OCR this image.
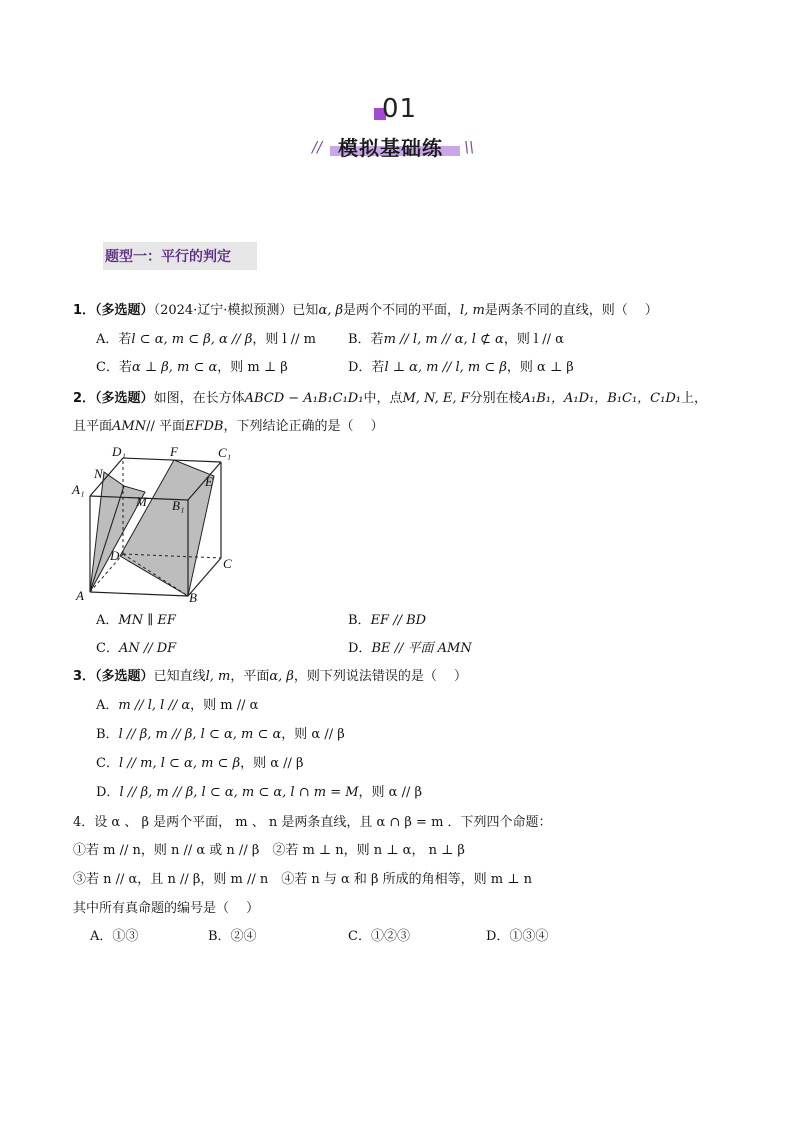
01
// 模拟基础练 \\
题型一：平行的判定
1．（多选题）（2024·辽宁·模拟预测）已知α, β是两个不同的平面，l, m是两条不同的直线，则（　 ）
A．若l ⊂ α, m ⊂ β, α // β，则 l // m B．若m // l, m // α, l ⊄ α，则 l // α
C．若α ⊥ β, m ⊂ α，则 m ⊥ β	D．若l ⊥ α, m // l, m ⊂ β，则 α ⊥ β
2．（多选题）如图，在长方体ABCD − A₁B₁C₁D₁中，点M, N, E, F分别在棱A₁B₁，A₁D₁，B₁C₁，C₁D₁上，
且平面AMN// 平面EFDB，下列结论正确的是（　 ）
D₁	F	C₁
N
A₁
M B₁
E
D
C
A	B
A．MN ∥ EF	B．EF // BD
C．AN // DF	D．BE // 平面 AMN
3．（多选题）已知直线l, m，平面α, β，则下列说法错误的是（　 ）
A．m // l, l // α，则 m // α
B．l // β, m // β, l ⊂ α, m ⊂ α，则 α // β
C．l // m, l ⊂ α, m ⊂ β，则 α // β
D．l // β, m // β, l ⊂ α, m ⊂ α, l ∩ m = M，则 α // β
4．设 α 、 β 是两个平面， m 、 n 是两条直线，且 α ∩ β = m ．下列四个命题：
①若 m // n，则 n // α 或 n // β　②若 m ⊥ n，则 n ⊥ α， n ⊥ β
③若 n // α，且 n // β，则 m // n　④若 n 与 α 和 β 所成的角相等，则 m ⊥ n
其中所有真命题的编号是（　 ）
A．①③	B．②④	C．①②③	D．①③④
